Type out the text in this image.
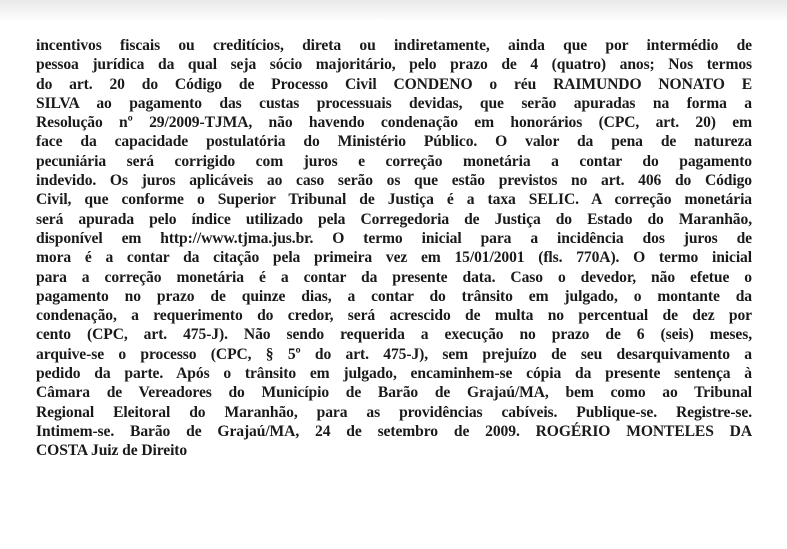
incentivos fiscais ou creditícios, direta ou indiretamente, ainda que por intermédio de
pessoa jurídica da qual seja sócio majoritário, pelo prazo de 4 (quatro) anos; Nos termos
do art. 20 do Código de Processo Civil CONDENO o réu RAIMUNDO NONATO E
SILVA ao pagamento das custas processuais devidas, que serão apuradas na forma a
Resolução nº 29/2009-TJMA, não havendo condenação em honorários (CPC, art. 20) em
face da capacidade postulatória do Ministério Público. O valor da pena de natureza
pecuniária será corrigido com juros e correção monetária a contar do pagamento
indevido. Os juros aplicáveis ao caso serão os que estão previstos no art. 406 do Código
Civil, que conforme o Superior Tribunal de Justiça é a taxa SELIC. A correção monetária
será apurada pelo índice utilizado pela Corregedoria de Justiça do Estado do Maranhão,
disponível em http://www.tjma.jus.br. O termo inicial para a incidência dos juros de
mora é a contar da citação pela primeira vez em 15/01/2001 (fls. 770A). O termo inicial
para a correção monetária é a contar da presente data. Caso o devedor, não efetue o
pagamento no prazo de quinze dias, a contar do trânsito em julgado, o montante da
condenação, a requerimento do credor, será acrescido de multa no percentual de dez por
cento (CPC, art. 475-J). Não sendo requerida a execução no prazo de 6 (seis) meses,
arquive-se o processo (CPC, § 5º do art. 475-J), sem prejuízo de seu desarquivamento a
pedido da parte. Após o trânsito em julgado, encaminhem-se cópia da presente sentença à
Câmara de Vereadores do Município de Barão de Grajaú/MA, bem como ao Tribunal
Regional Eleitoral do Maranhão, para as providências cabíveis. Publique-se. Registre-se.
Intimem-se. Barão de Grajaú/MA, 24 de setembro de 2009. ROGÉRIO MONTELES DA
COSTA Juiz de Direito
